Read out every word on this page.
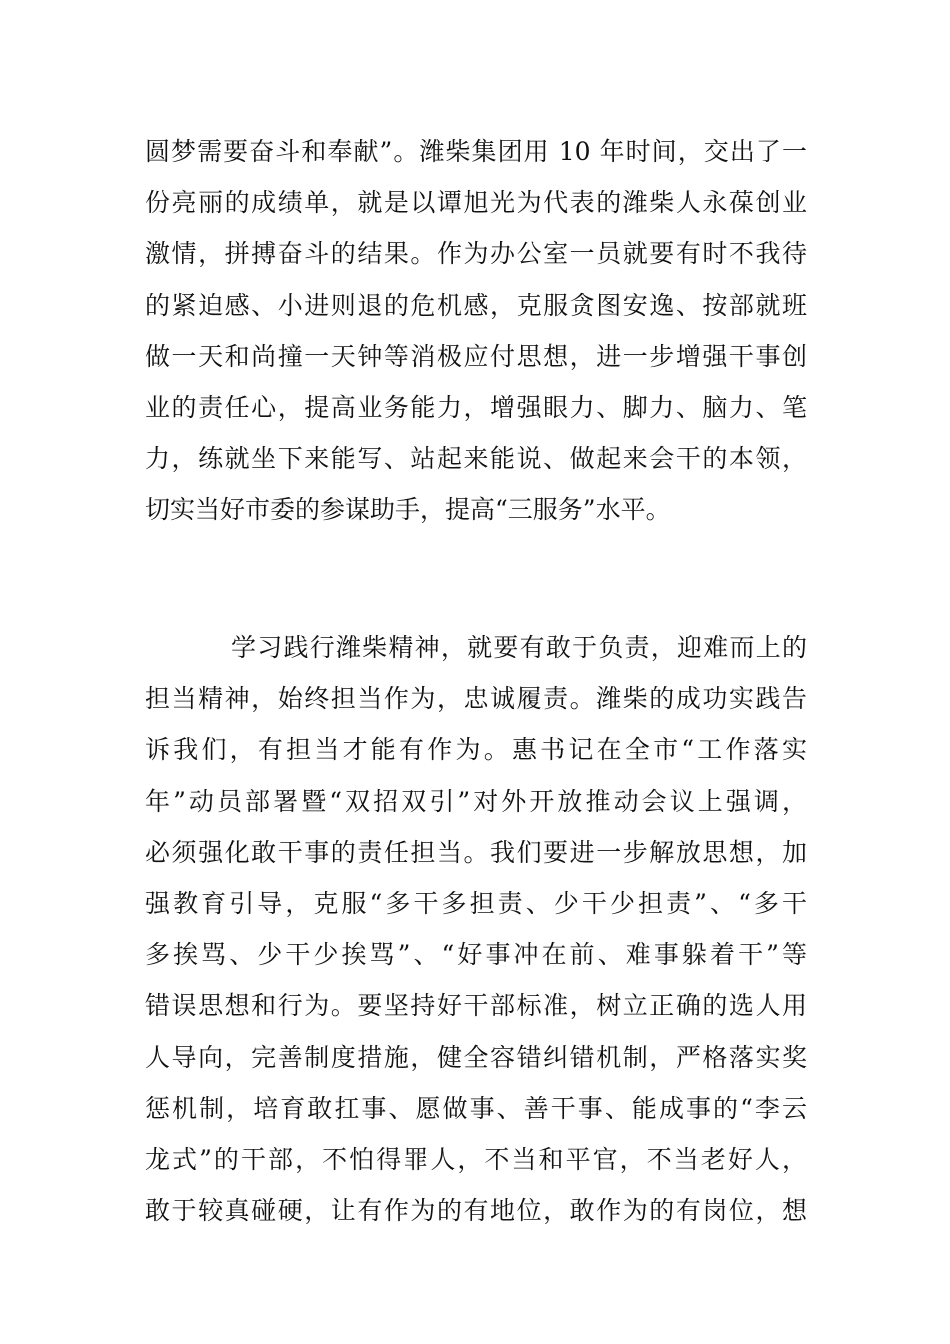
圆梦需要奋斗和奉献”。潍柴集团用 10 年时间，交出了一
份亮丽的成绩单，就是以谭旭光为代表的潍柴人永葆创业
激情，拼搏奋斗的结果。作为办公室一员就要有时不我待
的紧迫感、小进则退的危机感，克服贪图安逸、按部就班
做一天和尚撞一天钟等消极应付思想，进一步增强干事创
业的责任心，提高业务能力，增强眼力、脚力、脑力、笔
力，练就坐下来能写、站起来能说、做起来会干的本领，
切实当好市委的参谋助手，提高“三服务”水平。

学习践行潍柴精神，就要有敢于负责，迎难而上的
担当精神，始终担当作为，忠诚履责。潍柴的成功实践告
诉我们，有担当才能有作为。惠书记在全市“工作落实
年”动员部署暨“双招双引”对外开放推动会议上强调，
必须强化敢干事的责任担当。我们要进一步解放思想，加
强教育引导，克服“多干多担责、少干少担责”、“多干
多挨骂、少干少挨骂”、“好事冲在前、难事躲着干”等
错误思想和行为。要坚持好干部标准，树立正确的选人用
人导向，完善制度措施，健全容错纠错机制，严格落实奖
惩机制，培育敢扛事、愿做事、善干事、能成事的“李云
龙式”的干部，不怕得罪人，不当和平官，不当老好人，
敢于较真碰硬，让有作为的有地位，敢作为的有岗位，想
